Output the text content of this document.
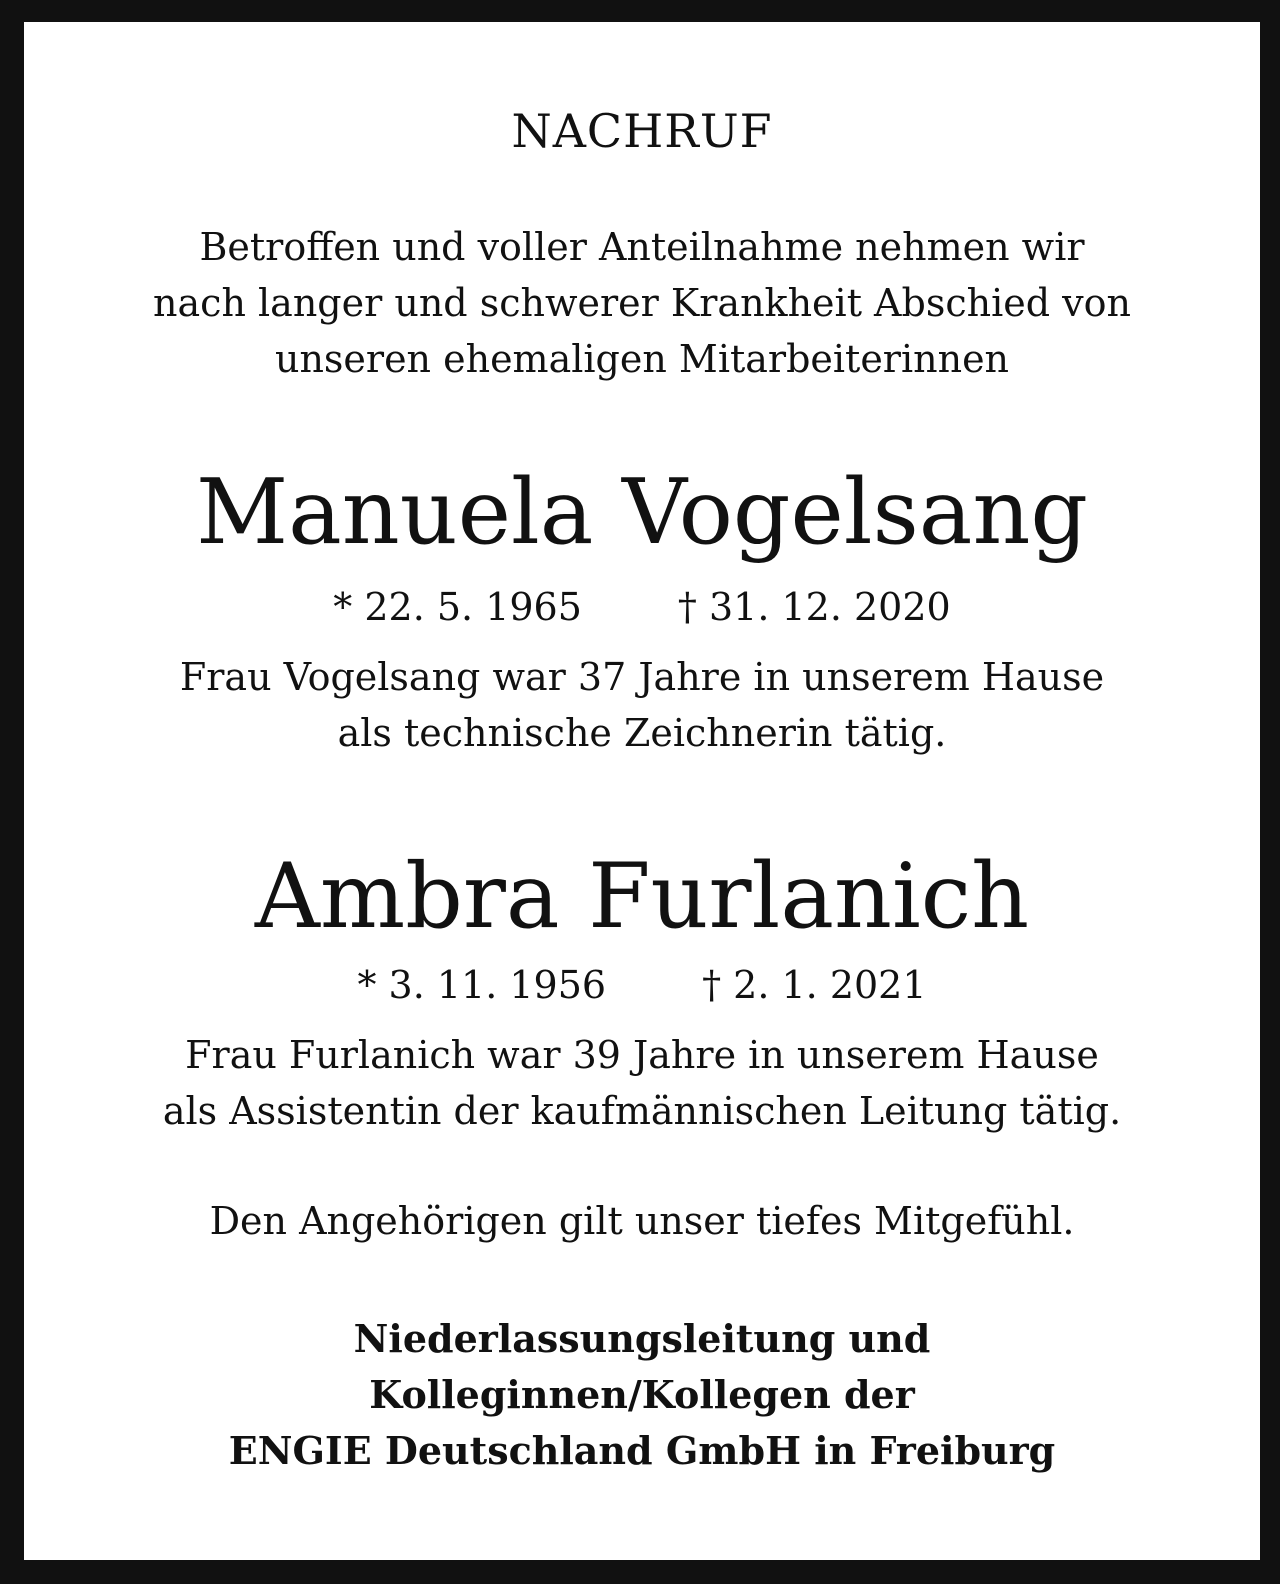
NACHRUF
Betroffen und voller Anteilnahme nehmen wir
nach langer und schwerer Krankheit Abschied von
unseren ehemaligen Mitarbeiterinnen
Manuela Vogelsang
* 22. 5. 1965	† 31. 12. 2020
Frau Vogelsang war 37 Jahre in unserem Hause
als technische Zeichnerin tätig.
Ambra Furlanich
* 3. 11. 1956	† 2. 1. 2021
Frau Furlanich war 39 Jahre in unserem Hause
als Assistentin der kaufmännischen Leitung tätig.
Den Angehörigen gilt unser tiefes Mitgefühl.
Niederlassungsleitung und
Kolleginnen/Kollegen der
ENGIE Deutschland GmbH in Freiburg
